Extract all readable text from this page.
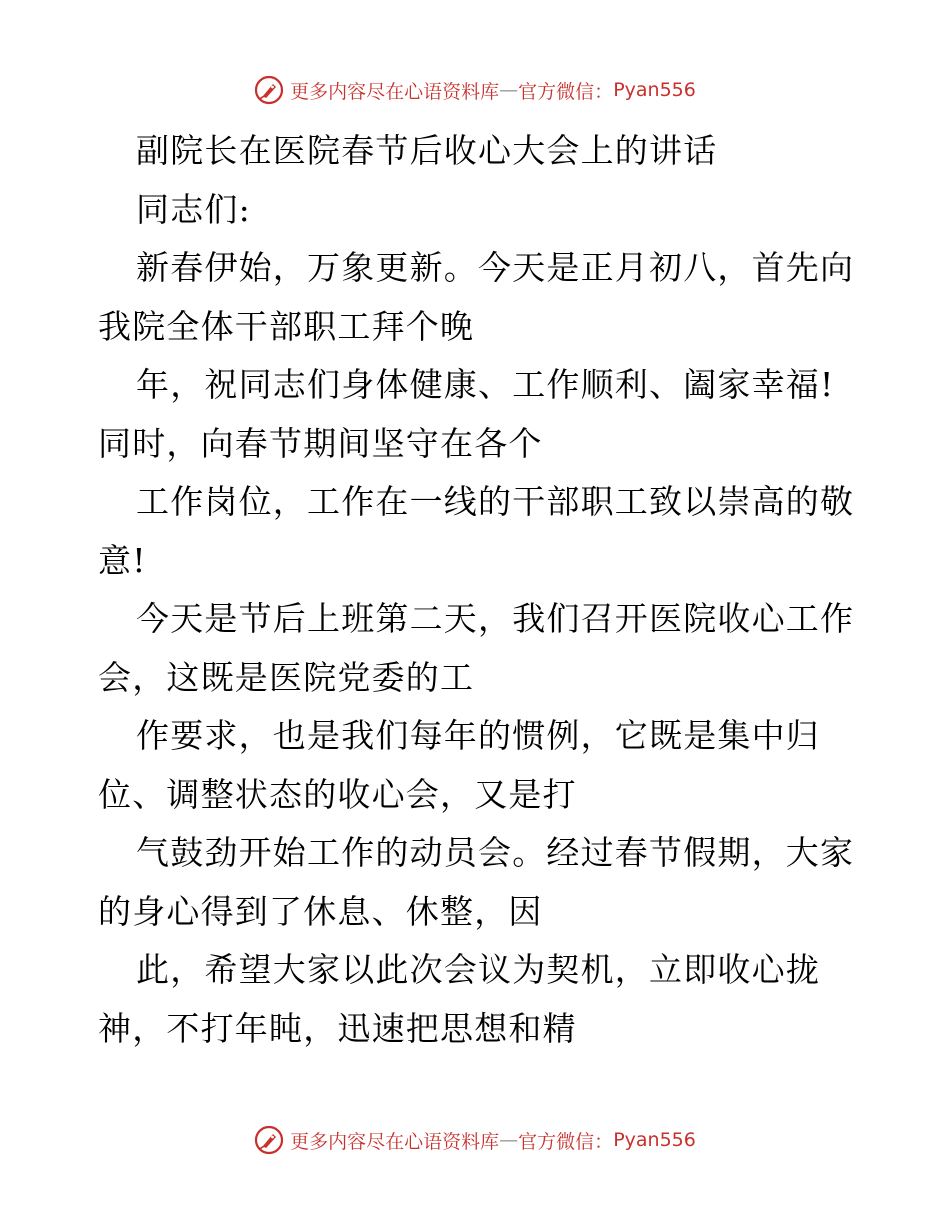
更多内容尽在心语资料库 — 官方微信： Pyan556
副院长在医院春节后收心大会上的讲话
同志们:
新春伊始，万象更新。今天是正月初八，首先向
我院全体干部职工拜个晚
年，祝同志们身体健康、工作顺利、阖家幸福!
同时，向春节期间坚守在各个
工作岗位，工作在一线的干部职工致以崇高的敬
意!
今天是节后上班第二天，我们召开医院收心工作
会，这既是医院党委的工
作要求，也是我们每年的惯例，它既是集中归
位、调整状态的收心会，又是打
气鼓劲开始工作的动员会。经过春节假期，大家
的身心得到了休息、休整，因
此，希望大家以此次会议为契机，立即收心拢
神，不打年盹，迅速把思想和精
更多内容尽在心语资料库 — 官方微信： Pyan556
